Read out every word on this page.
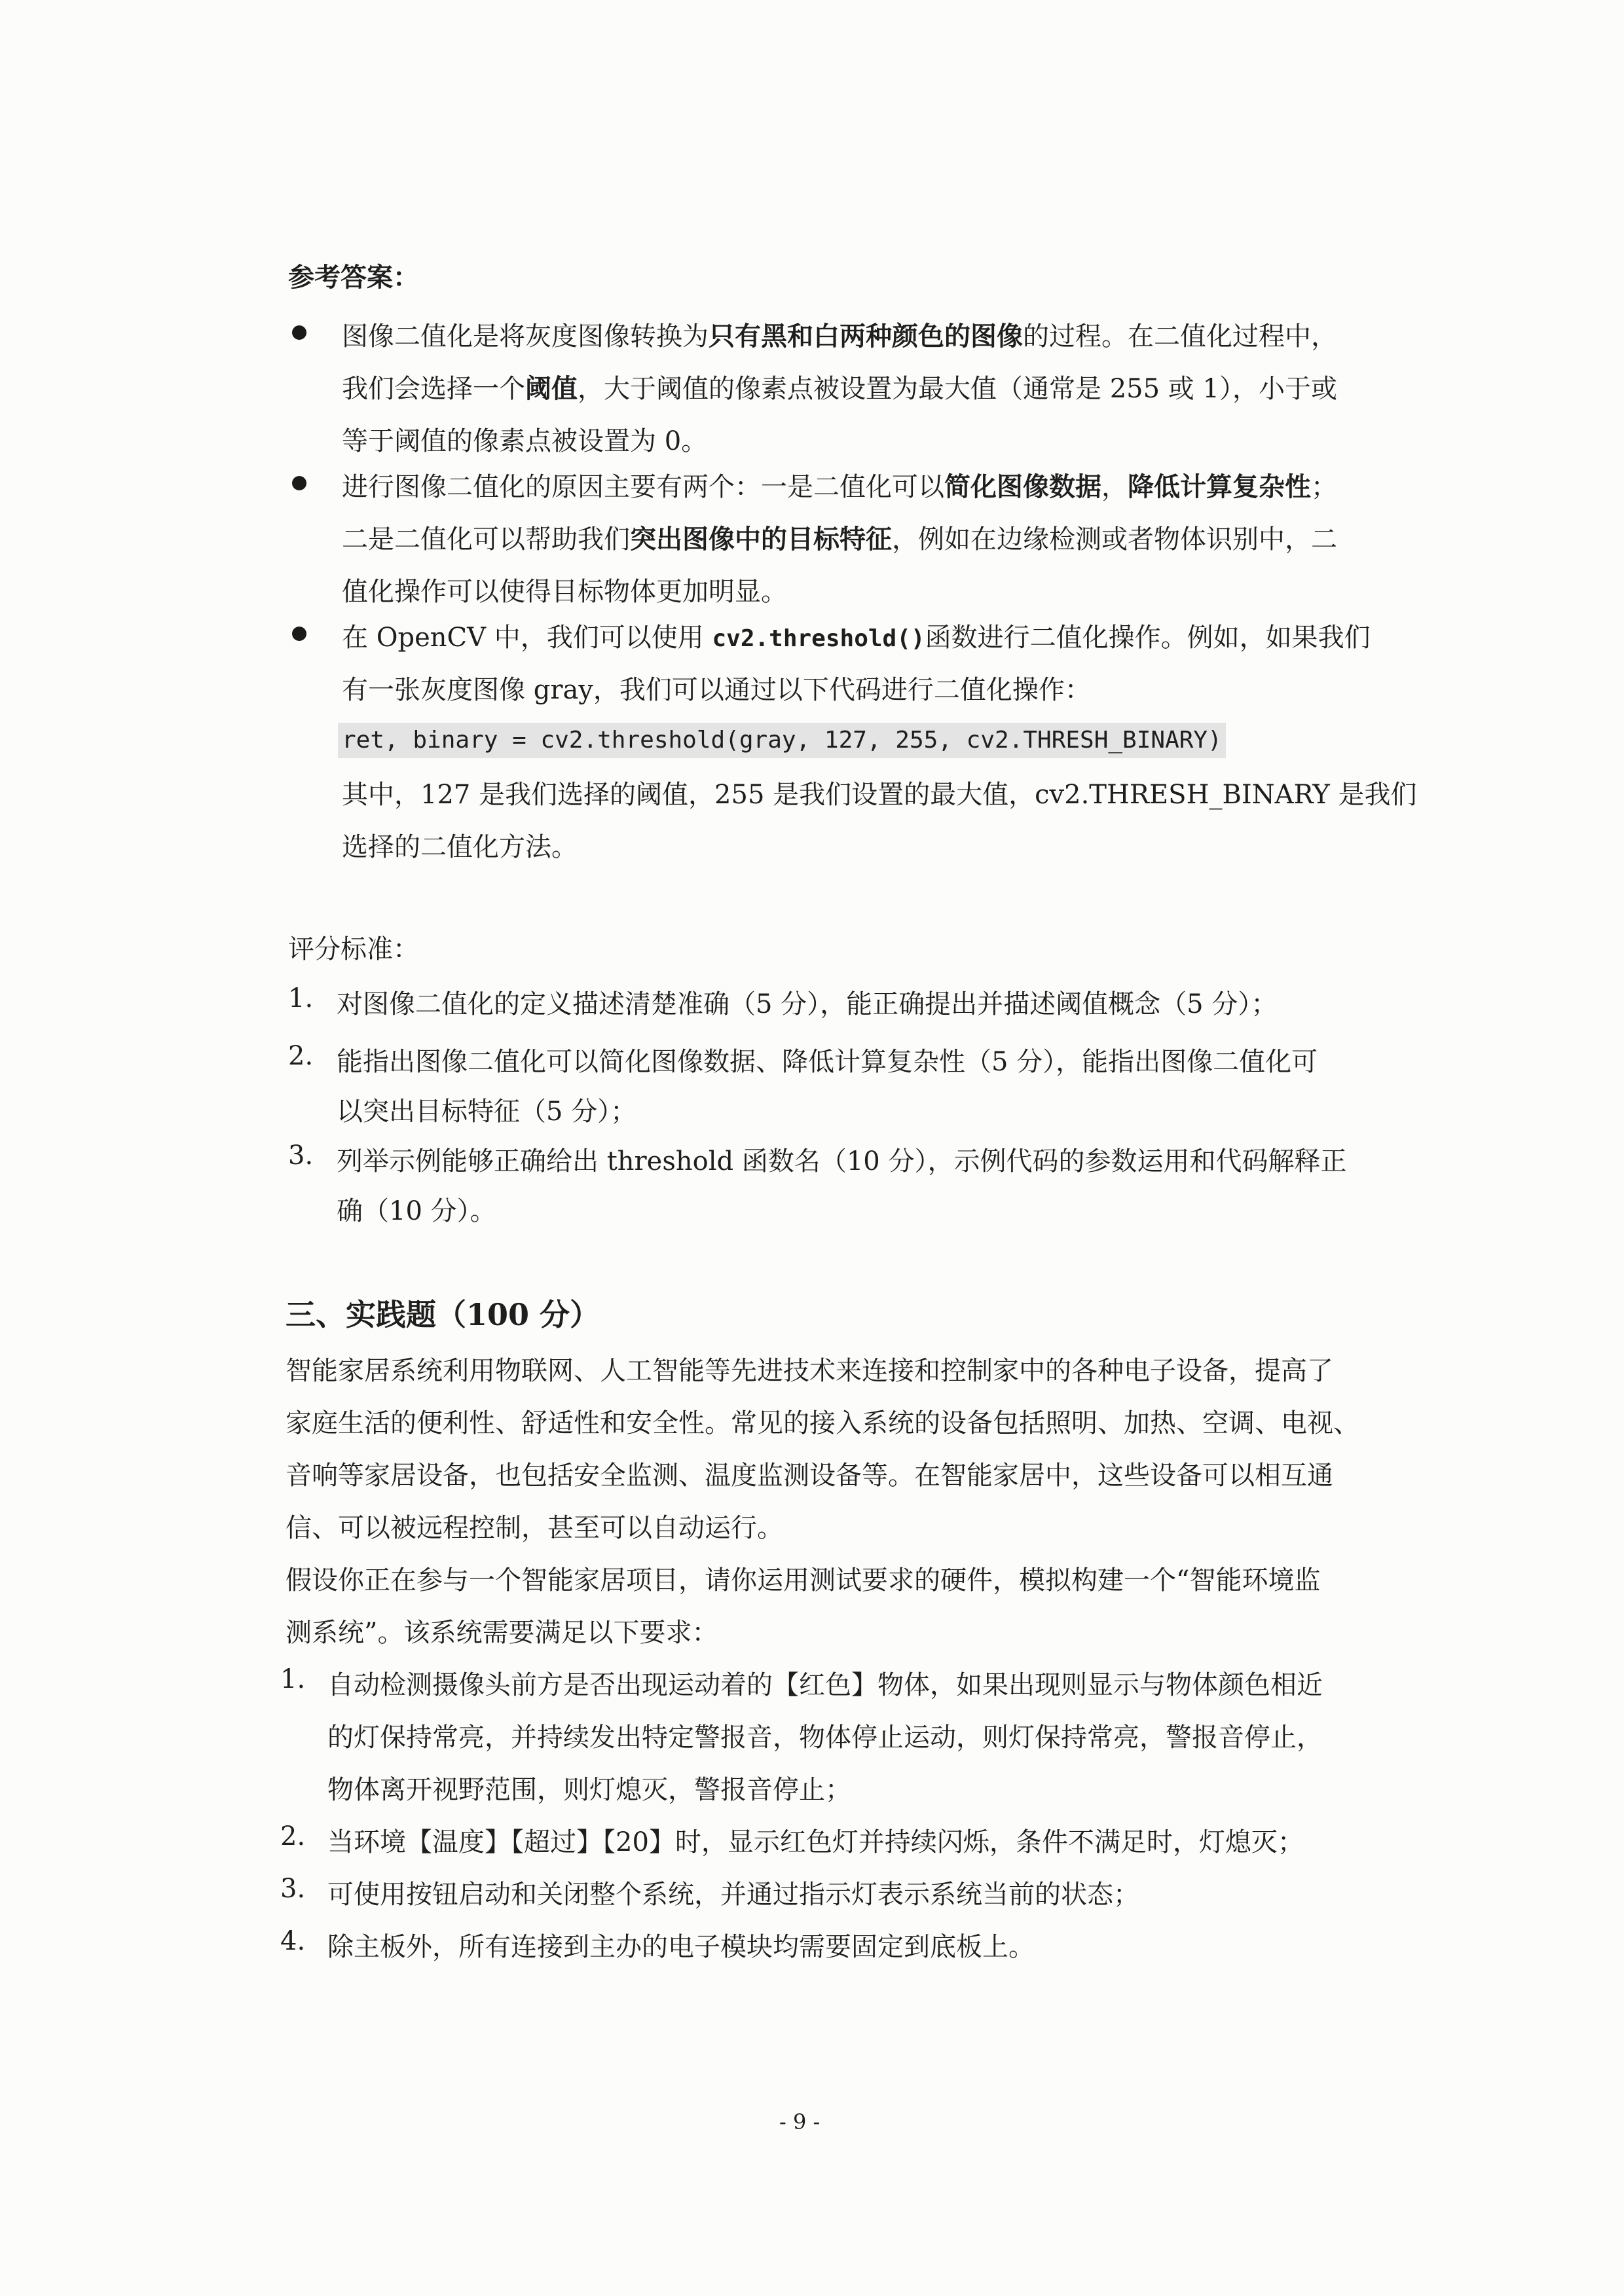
参考答案：
图像二值化是将灰度图像转换为只有黑和白两种颜色的图像的过程。在二值化过程中，
我们会选择一个阈值，大于阈值的像素点被设置为最大值（通常是 255 或 1），小于或
等于阈值的像素点被设置为 0。
进行图像二值化的原因主要有两个：一是二值化可以简化图像数据，降低计算复杂性；
二是二值化可以帮助我们突出图像中的目标特征，例如在边缘检测或者物体识别中，二
值化操作可以使得目标物体更加明显。
在 OpenCV 中，我们可以使用 cv2.threshold()函数进行二值化操作。例如，如果我们
有一张灰度图像 gray，我们可以通过以下代码进行二值化操作：
ret, binary = cv2.threshold(gray, 127, 255, cv2.THRESH_BINARY)
其中，127 是我们选择的阈值，255 是我们设置的最大值，cv2.THRESH_BINARY 是我们
选择的二值化方法。
评分标准：
1. 对图像二值化的定义描述清楚准确（5 分），能正确提出并描述阈值概念（5 分）；
2. 能指出图像二值化可以简化图像数据、降低计算复杂性（5 分），能指出图像二值化可
以突出目标特征（5 分）；
3. 列举示例能够正确给出 threshold 函数名（10 分），示例代码的参数运用和代码解释正
确（10 分）。
三、实践题（100 分）
智能家居系统利用物联网、人工智能等先进技术来连接和控制家中的各种电子设备，提高了
家庭生活的便利性、舒适性和安全性。常见的接入系统的设备包括照明、加热、空调、电视、
音响等家居设备，也包括安全监测、温度监测设备等。在智能家居中，这些设备可以相互通
信、可以被远程控制，甚至可以自动运行。
假设你正在参与一个智能家居项目，请你运用测试要求的硬件，模拟构建一个“智能环境监
测系统”。该系统需要满足以下要求：
1. 自动检测摄像头前方是否出现运动着的【红色】物体，如果出现则显示与物体颜色相近
的灯保持常亮，并持续发出特定警报音，物体停止运动，则灯保持常亮，警报音停止，
物体离开视野范围，则灯熄灭，警报音停止；
2. 当环境【温度】【超过】【20】时，显示红色灯并持续闪烁，条件不满足时，灯熄灭；
3. 可使用按钮启动和关闭整个系统，并通过指示灯表示系统当前的状态；
4. 除主板外，所有连接到主办的电子模块均需要固定到底板上。
- 9 -
